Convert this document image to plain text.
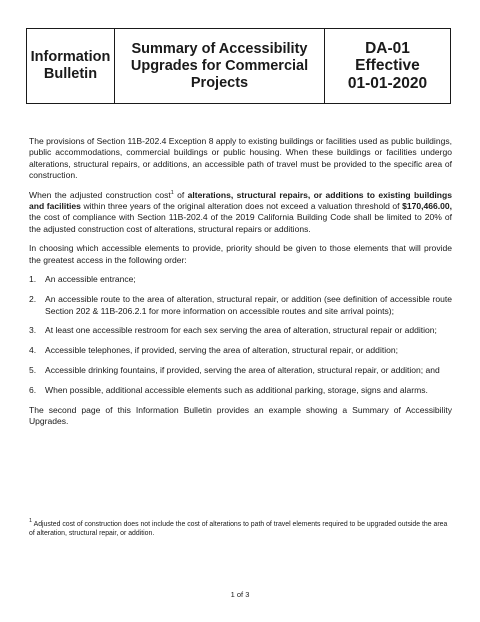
Information
Bulletin
Summary of Accessibility
Upgrades for Commercial
Projects
DA-01
Effective
01-01-2020

The provisions of Section 11B-202.4 Exception 8 apply to existing buildings or facilities used as public buildings, public accommodations, commercial buildings or public housing. When these buildings or facilities undergo alterations, structural repairs, or additions, an accessible path of travel must be provided to the specific area of construction.

When the adjusted construction cost$^1$ of alterations, structural repairs, or additions to existing buildings and facilities within three years of the original alteration does not exceed a valuation threshold of $170,466.00, the cost of compliance with Section 11B-202.4 of the 2019 California Building Code shall be limited to 20% of the adjusted construction cost of alterations, structural repairs or additions.

In choosing which accessible elements to provide, priority should be given to those elements that will provide the greatest access in the following order:

1.	An accessible entrance;
2.	An accessible route to the area of alteration, structural repair, or addition (see definition of accessible route Section 202 & 11B-206.2.1 for more information on accessible routes and site arrival points);
3.	At least one accessible restroom for each sex serving the area of alteration, structural repair or addition;
4.	Accessible telephones, if provided, serving the area of alteration, structural repair, or addition;
5.	Accessible drinking fountains, if provided, serving the area of alteration, structural repair, or addition; and
6.	When possible, additional accessible elements such as additional parking, storage, signs and alarms.

The second page of this Information Bulletin provides an example showing a Summary of Accessibility Upgrades.

$^1$ Adjusted cost of construction does not include the cost of alterations to path of travel elements required to be upgraded outside the area of alteration, structural repair, or addition.
1 of 3
